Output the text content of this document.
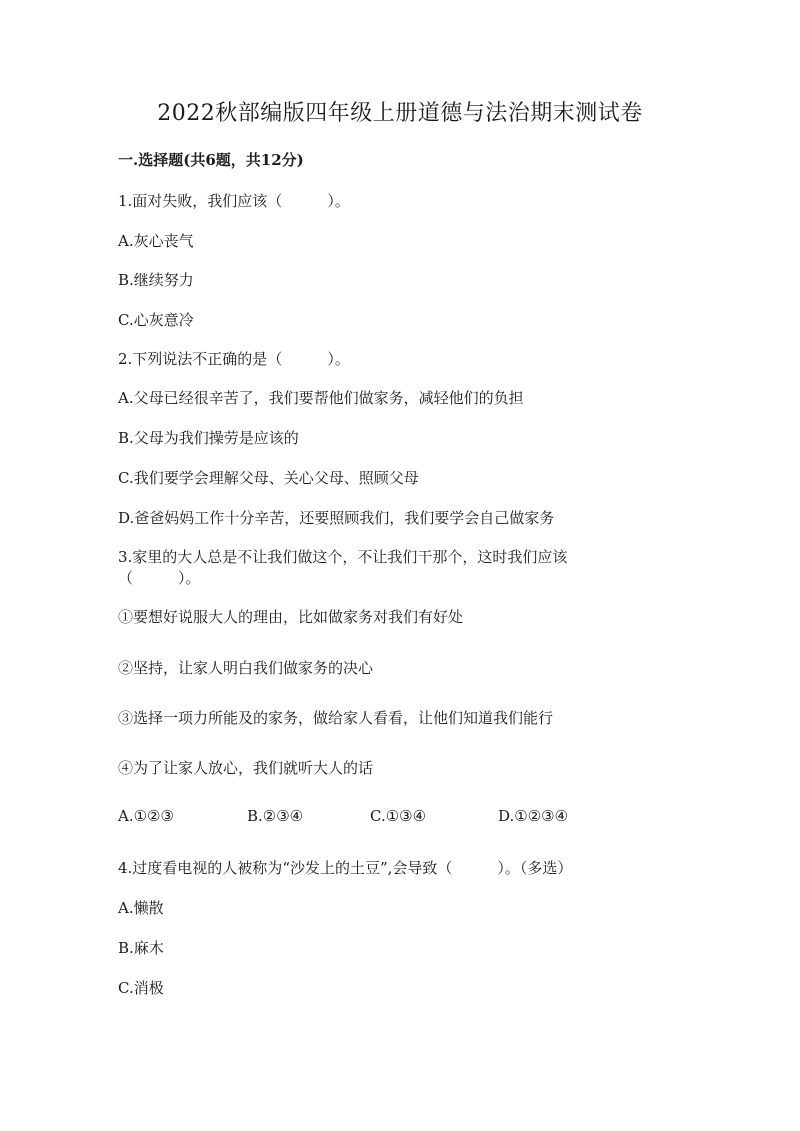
2022秋部编版四年级上册道德与法治期末测试卷
一.选择题(共6题，共12分)
1.面对失败，我们应该（　　　）。
A.灰心丧气
B.继续努力
C.心灰意冷
2.下列说法不正确的是（　　　）。
A.父母已经很辛苦了，我们要帮他们做家务，减轻他们的负担
B.父母为我们操劳是应该的
C.我们要学会理解父母、关心父母、照顾父母
D.爸爸妈妈工作十分辛苦，还要照顾我们，我们要学会自己做家务
3.家里的大人总是不让我们做这个，不让我们干那个，这时我们应该
（　　　）。
①要想好说服大人的理由，比如做家务对我们有好处
②坚持，让家人明白我们做家务的决心
③选择一项力所能及的家务，做给家人看看，让他们知道我们能行
④为了让家人放心，我们就听大人的话
A.①②③	B.②③④	C.①③④	D.①②③④
4.过度看电视的人被称为“沙发上的土豆”,会导致（　　　）。（多选）
A.懒散
B.麻木
C.消极
